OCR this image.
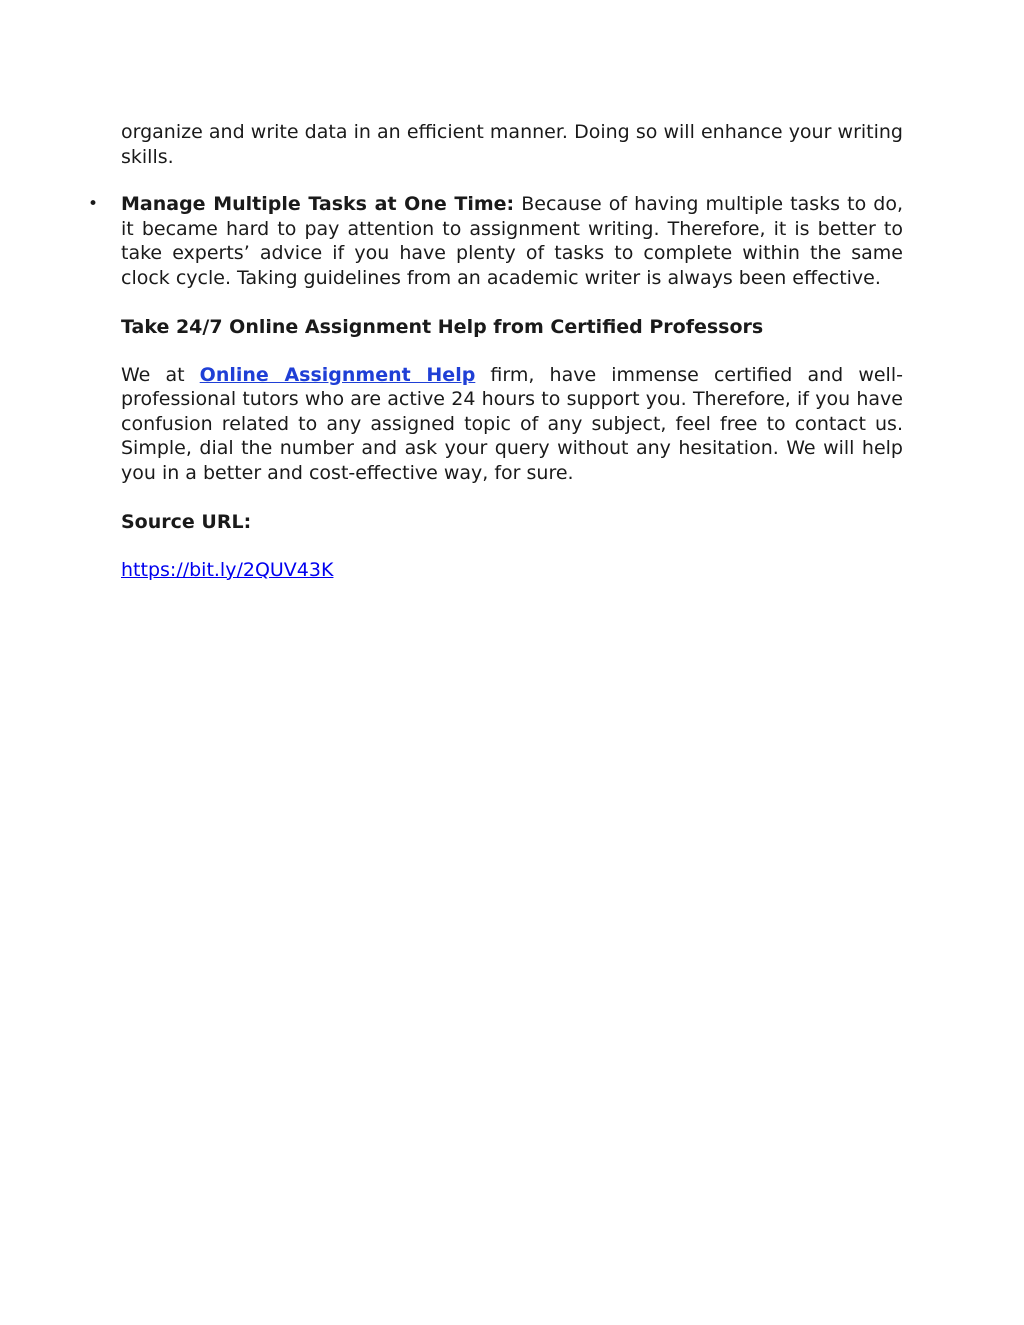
organize and write data in an efficient manner. Doing so will enhance your writing skills.

• Manage Multiple Tasks at One Time: Because of having multiple tasks to do, it became hard to pay attention to assignment writing. Therefore, it is better to take experts’ advice if you have plenty of tasks to complete within the same clock cycle. Taking guidelines from an academic writer is always been effective.

Take 24/7 Online Assignment Help from Certified Professors

We at Online Assignment Help firm, have immense certified and well-professional tutors who are active 24 hours to support you. Therefore, if you have confusion related to any assigned topic of any subject, feel free to contact us. Simple, dial the number and ask your query without any hesitation. We will help you in a better and cost-effective way, for sure.

Source URL:

https://bit.ly/2QUV43K
